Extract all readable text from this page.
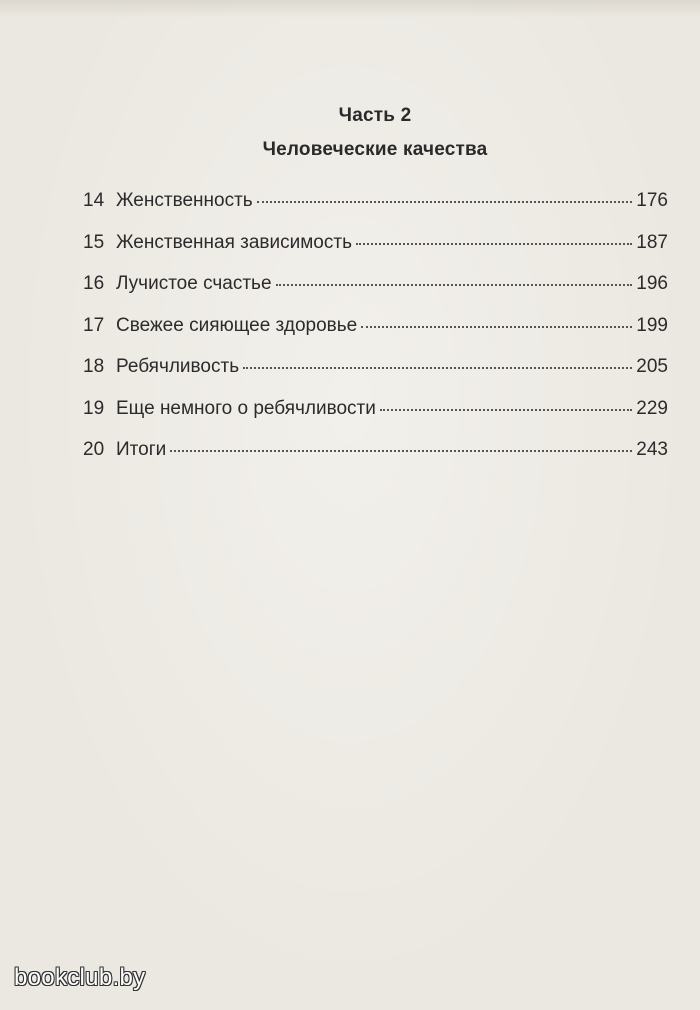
Часть 2
Человеческие качества
14 Женственность	176
15 Женственная зависимость	187
16 Лучистое счастье	196
17 Свежее сияющее здоровье	199
18 Ребячливость	205
19 Еще немного о ребячливости	229
20 Итоги	243
bookclub.by
